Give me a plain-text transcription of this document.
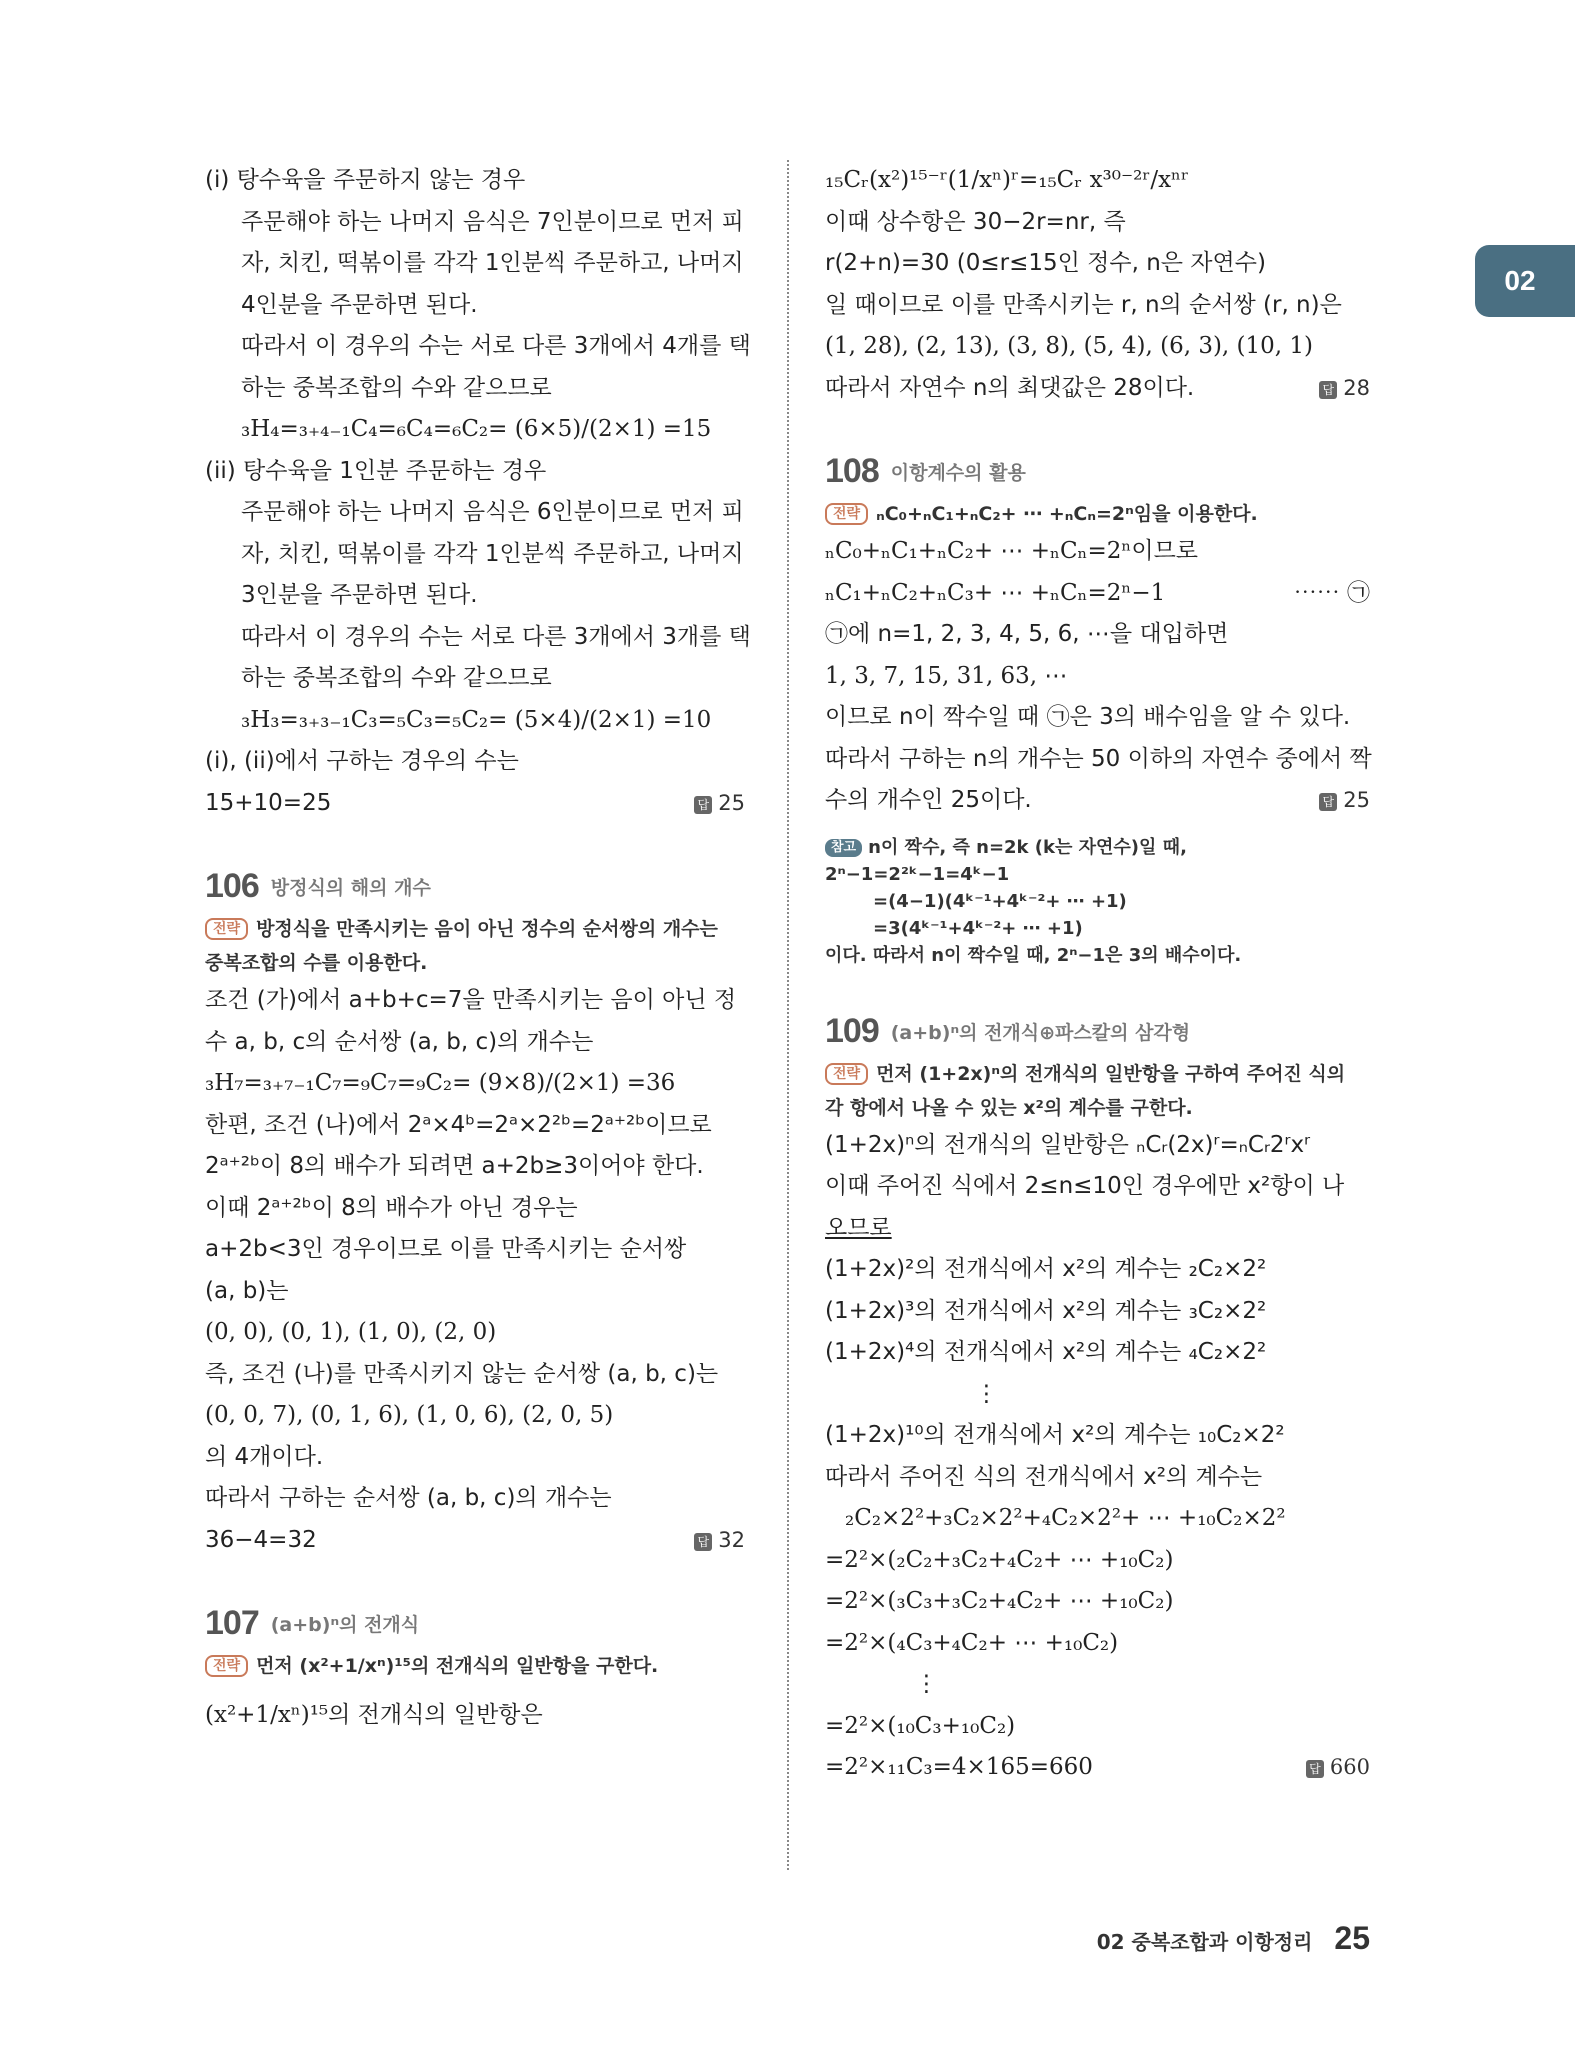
02
(i) 탕수육을 주문하지 않는 경우
주문해야 하는 나머지 음식은 7인분이므로 먼저 피
자, 치킨, 떡볶이를 각각 1인분씩 주문하고, 나머지
4인분을 주문하면 된다.
따라서 이 경우의 수는 서로 다른 3개에서 4개를 택
하는 중복조합의 수와 같으므로
₃H₄=₃₊₄₋₁C₄=₆C₄=₆C₂= (6×5)/(2×1) =15
(ii) 탕수육을 1인분 주문하는 경우
주문해야 하는 나머지 음식은 6인분이므로 먼저 피
자, 치킨, 떡볶이를 각각 1인분씩 주문하고, 나머지
3인분을 주문하면 된다.
따라서 이 경우의 수는 서로 다른 3개에서 3개를 택
하는 중복조합의 수와 같으므로
₃H₃=₃₊₃₋₁C₃=₅C₃=₅C₂= (5×4)/(2×1) =10
(i), (ii)에서 구하는 경우의 수는
15+10=25	답 25
106 방정식의 해의 개수
전략 방정식을 만족시키는 음이 아닌 정수의 순서쌍의 개수는
중복조합의 수를 이용한다.
조건 (가)에서 a+b+c=7을 만족시키는 음이 아닌 정
수 a, b, c의 순서쌍 (a, b, c)의 개수는
₃H₇=₃₊₇₋₁C₇=₉C₇=₉C₂= (9×8)/(2×1) =36
한편, 조건 (나)에서 2ᵃ×4ᵇ=2ᵃ×2²ᵇ=2ᵃ⁺²ᵇ이므로
2ᵃ⁺²ᵇ이 8의 배수가 되려면 a+2b≥3이어야 한다.
이때 2ᵃ⁺²ᵇ이 8의 배수가 아닌 경우는
a+2b<3인 경우이므로 이를 만족시키는 순서쌍
(a, b)는
(0, 0), (0, 1), (1, 0), (2, 0)
즉, 조건 (나)를 만족시키지 않는 순서쌍 (a, b, c)는
(0, 0, 7), (0, 1, 6), (1, 0, 6), (2, 0, 5)
의 4개이다.
따라서 구하는 순서쌍 (a, b, c)의 개수는
36−4=32	답 32
107 (a+b)ⁿ의 전개식
전략 먼저 (x²+1/xⁿ)¹⁵의 전개식의 일반항을 구한다.
(x²+1/xⁿ)¹⁵의 전개식의 일반항은
₁₅Cᵣ(x²)¹⁵⁻ʳ(1/xⁿ)ʳ=₁₅Cᵣ x³⁰⁻²ʳ/xⁿʳ
이때 상수항은 30−2r=nr, 즉
r(2+n)=30 (0≤r≤15인 정수, n은 자연수)
일 때이므로 이를 만족시키는 r, n의 순서쌍 (r, n)은
(1, 28), (2, 13), (3, 8), (5, 4), (6, 3), (10, 1)
따라서 자연수 n의 최댓값은 28이다.	답 28
108 이항계수의 활용
전략 ₙC₀+ₙC₁+ₙC₂+ ⋯ +ₙCₙ=2ⁿ임을 이용한다.
ₙC₀+ₙC₁+ₙC₂+ ⋯ +ₙCₙ=2ⁿ이므로
ₙC₁+ₙC₂+ₙC₃+ ⋯ +ₙCₙ=2ⁿ−1	⋯⋯ ㉠
㉠에 n=1, 2, 3, 4, 5, 6, ⋯을 대입하면
1, 3, 7, 15, 31, 63, ⋯
이므로 n이 짝수일 때 ㉠은 3의 배수임을 알 수 있다.
따라서 구하는 n의 개수는 50 이하의 자연수 중에서 짝
수의 개수인 25이다.	답 25
참고 n이 짝수, 즉 n=2k (k는 자연수)일 때,
2ⁿ−1=2²ᵏ−1=4ᵏ−1
=(4−1)(4ᵏ⁻¹+4ᵏ⁻²+ ⋯ +1)
=3(4ᵏ⁻¹+4ᵏ⁻²+ ⋯ +1)
이다. 따라서 n이 짝수일 때, 2ⁿ−1은 3의 배수이다.
109 (a+b)ⁿ의 전개식⊕파스칼의 삼각형
전략 먼저 (1+2x)ⁿ의 전개식의 일반항을 구하여 주어진 식의
각 항에서 나올 수 있는 x²의 계수를 구한다.
(1+2x)ⁿ의 전개식의 일반항은 ₙCᵣ(2x)ʳ=ₙCᵣ2ʳxʳ
이때 주어진 식에서 2≤n≤10인 경우에만 x²항이 나
오므로
(1+2x)²의 전개식에서 x²의 계수는 ₂C₂×2²
(1+2x)³의 전개식에서 x²의 계수는 ₃C₂×2²
(1+2x)⁴의 전개식에서 x²의 계수는 ₄C₂×2²
⋮
(1+2x)¹⁰의 전개식에서 x²의 계수는 ₁₀C₂×2²
따라서 주어진 식의 전개식에서 x²의 계수는
₂C₂×2²+₃C₂×2²+₄C₂×2²+ ⋯ +₁₀C₂×2²
=2²×(₂C₂+₃C₂+₄C₂+ ⋯ +₁₀C₂)
=2²×(₃C₃+₃C₂+₄C₂+ ⋯ +₁₀C₂)
=2²×(₄C₃+₄C₂+ ⋯ +₁₀C₂)
⋮
=2²×(₁₀C₃+₁₀C₂)
=2²×₁₁C₃=4×165=660	답 660
02 중복조합과 이항정리 25
